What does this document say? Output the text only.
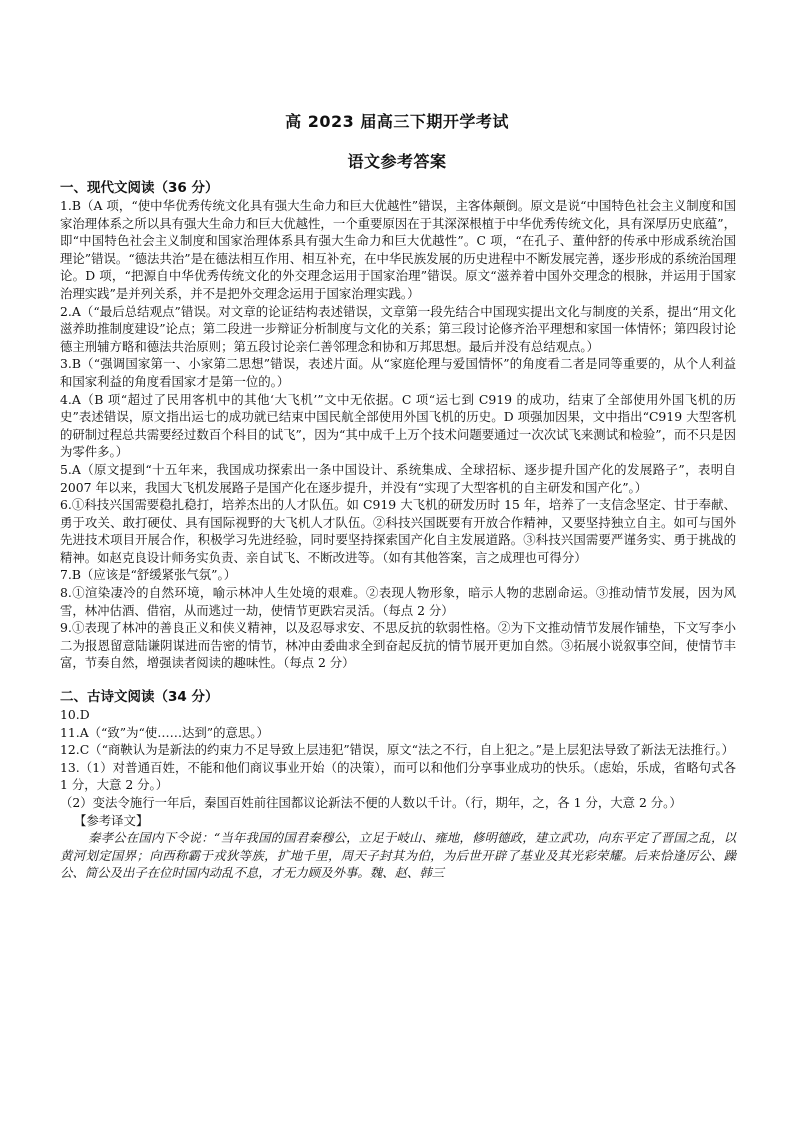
高 2023 届高三下期开学考试
语文参考答案
一、现代文阅读（36 分）

1.B（A 项，“使中华优秀传统文化具有强大生命力和巨大优越性”错误，主客体颠倒。原文是说“中国特色社会主义制度和国家治理体系之所以具有强大生命力和巨大优越性，一个重要原因在于其深深根植于中华优秀传统文化，具有深厚历史底蕴”，即“中国特色社会主义制度和国家治理体系具有强大生命力和巨大优越性”。C 项，“在孔子、董仲舒的传承中形成系统治国理论”错误。“德法共治”是在德法相互作用、相互补充，在中华民族发展的历史进程中不断发展完善，逐步形成的系统治国理论。D 项，“把源自中华优秀传统文化的外交理念运用于国家治理”错误。原文“滋养着中国外交理念的根脉，并运用于国家治理实践”是并列关系，并不是把外交理念运用于国家治理实践。）

2.A（“最后总结观点”错误。对文章的论证结构表述错误，文章第一段先结合中国现实提出文化与制度的关系，提出“用文化滋养助推制度建设”论点；第二段进一步辩证分析制度与文化的关系；第三段讨论修齐治平理想和家国一体情怀；第四段讨论德主刑辅方略和德法共治原则；第五段讨论亲仁善邻理念和协和万邦思想。最后并没有总结观点。）

3.B（“强调国家第一、小家第二思想”错误，表述片面。从“家庭伦理与爱国情怀”的角度看二者是同等重要的，从个人利益和国家利益的角度看国家才是第一位的。）

4.A（B 项“超过了民用客机中的其他‘大飞机’”文中无依据。C 项“运七到 C919 的成功，结束了全部使用外国飞机的历史”表述错误，原文指出运七的成功就已结束中国民航全部使用外国飞机的历史。D 项强加因果，文中指出“C919 大型客机的研制过程总共需要经过数百个科目的试飞”，因为“其中成千上万个技术问题要通过一次次试飞来测试和检验”，而不只是因为零件多。）

5.A（原文提到“十五年来，我国成功探索出一条中国设计、系统集成、全球招标、逐步提升国产化的发展路子”，表明自 2007 年以来，我国大飞机发展路子是国产化在逐步提升，并没有“实现了大型客机的自主研发和国产化”。）

6.①科技兴国需要稳扎稳打，培养杰出的人才队伍。如 C919 大飞机的研发历时 15 年，培养了一支信念坚定、甘于奉献、勇于攻关、敢打硬仗、具有国际视野的大飞机人才队伍。②科技兴国既要有开放合作精神，又要坚持独立自主。如可与国外先进技术项目开展合作，积极学习先进经验，同时要坚持探索国产化自主发展道路。③科技兴国需要严谨务实、勇于挑战的精神。如赵克良设计师务实负责、亲自试飞、不断改进等。（如有其他答案，言之成理也可得分）

7.B（应该是“舒缓紧张气氛”。）

8.①渲染凄冷的自然环境，喻示林冲人生处境的艰难。②表现人物形象，暗示人物的悲剧命运。③推动情节发展，因为风雪，林冲估酒、借宿，从而逃过一劫，使情节更跌宕灵活。（每点 2 分）

9.①表现了林冲的善良正义和侠义精神，以及忍辱求安、不思反抗的软弱性格。②为下文推动情节发展作铺垫，下文写李小二为报恩留意陆谦阴谋进而告密的情节，林冲由委曲求全到奋起反抗的情节展开更加自然。③拓展小说叙事空间，使情节丰富，节奏自然，增强读者阅读的趣味性。（每点 2 分）

二、古诗文阅读（34 分）

10.D

11.A（“致”为“使……达到”的意思。）

12.C（“商鞅认为是新法的约束力不足导致上层违犯”错误，原文“法之不行，自上犯之。”是上层犯法导致了新法无法推行。）

13.（1）对普通百姓，不能和他们商议事业开始（的决策），而可以和他们分享事业成功的快乐。（虑始，乐成，省略句式各 1 分，大意 2 分。）

（2）变法令施行一年后，秦国百姓前往国都议论新法不便的人数以千计。（行，期年，之，各 1 分，大意 2 分。）

【参考译文】

秦孝公在国内下令说：“当年我国的国君秦穆公，立足于岐山、雍地，修明德政，建立武功，向东平定了晋国之乱，以黄河划定国界；向西称霸于戎狄等族，扩地千里，周天子封其为伯，为后世开辟了基业及其光彩荣耀。后来恰逢厉公、躁公、简公及出子在位时国内动乱不息，才无力顾及外事。魏、赵、韩三
